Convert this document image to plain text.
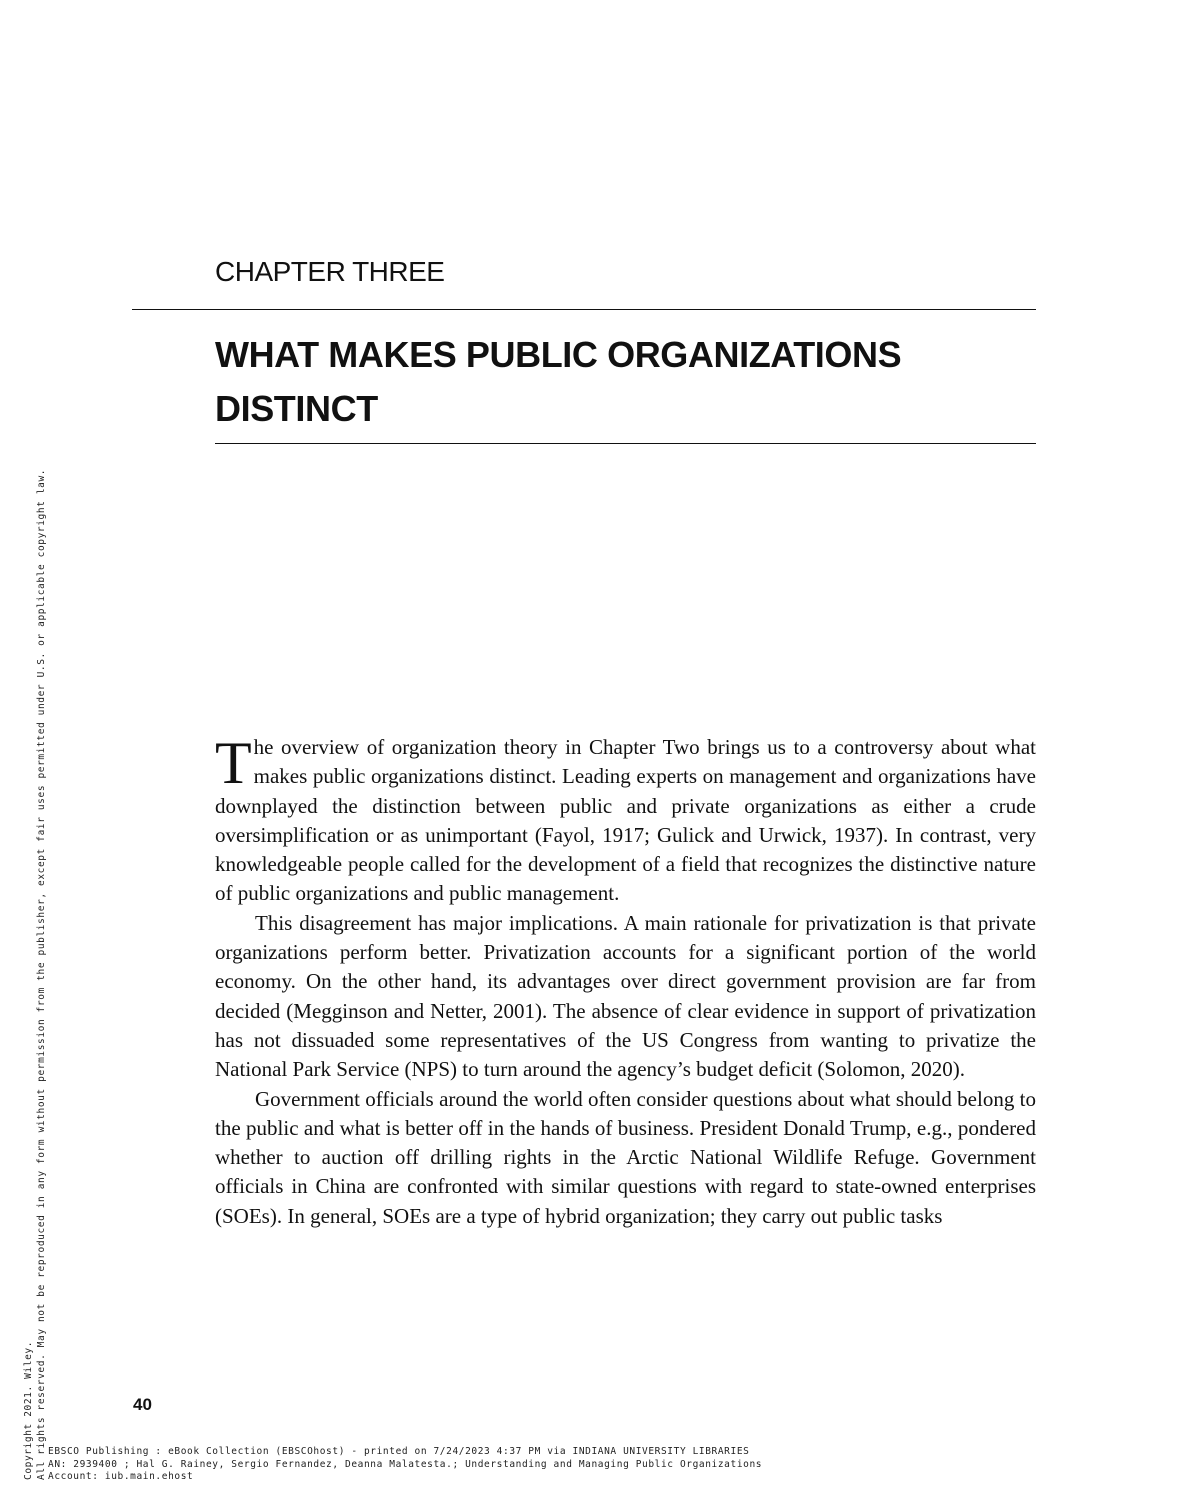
Copyright 2021. Wiley. All rights reserved. May not be reproduced in any form without permission from the publisher, except fair uses permitted under U.S. or applicable copyright law.
CHAPTER THREE
WHAT MAKES PUBLIC ORGANIZATIONS DISTINCT

The overview of organization theory in Chapter Two brings us to a controversy about what makes public organizations distinct. Leading experts on management and organizations have downplayed the distinction between public and private organizations as either a crude oversimplification or as unimportant (Fayol, 1917; Gulick and Urwick, 1937). In contrast, very knowledgeable people called for the development of a field that recognizes the distinctive nature of public organizations and public management.

This disagreement has major implications. A main rationale for privatization is that private organizations perform better. Privatization accounts for a significant portion of the world economy. On the other hand, its advantages over direct government provision are far from decided (Megginson and Netter, 2001). The absence of clear evidence in support of privatization has not dissuaded some representatives of the US Congress from wanting to privatize the National Park Service (NPS) to turn around the agency’s budget deficit (Solomon, 2020).

Government officials around the world often consider questions about what should belong to the public and what is better off in the hands of business. President Donald Trump, e.g., pondered whether to auction off drilling rights in the Arctic National Wildlife Refuge. Government officials in China are confronted with similar questions with regard to state-owned enterprises (SOEs). In general, SOEs are a type of hybrid organization; they carry out public tasks

40
EBSCO Publishing : eBook Collection (EBSCOhost) - printed on 7/24/2023 4:37 PM via INDIANA UNIVERSITY LIBRARIES
AN: 2939400 ; Hal G. Rainey, Sergio Fernandez, Deanna Malatesta.; Understanding and Managing Public Organizations
Account: iub.main.ehost
